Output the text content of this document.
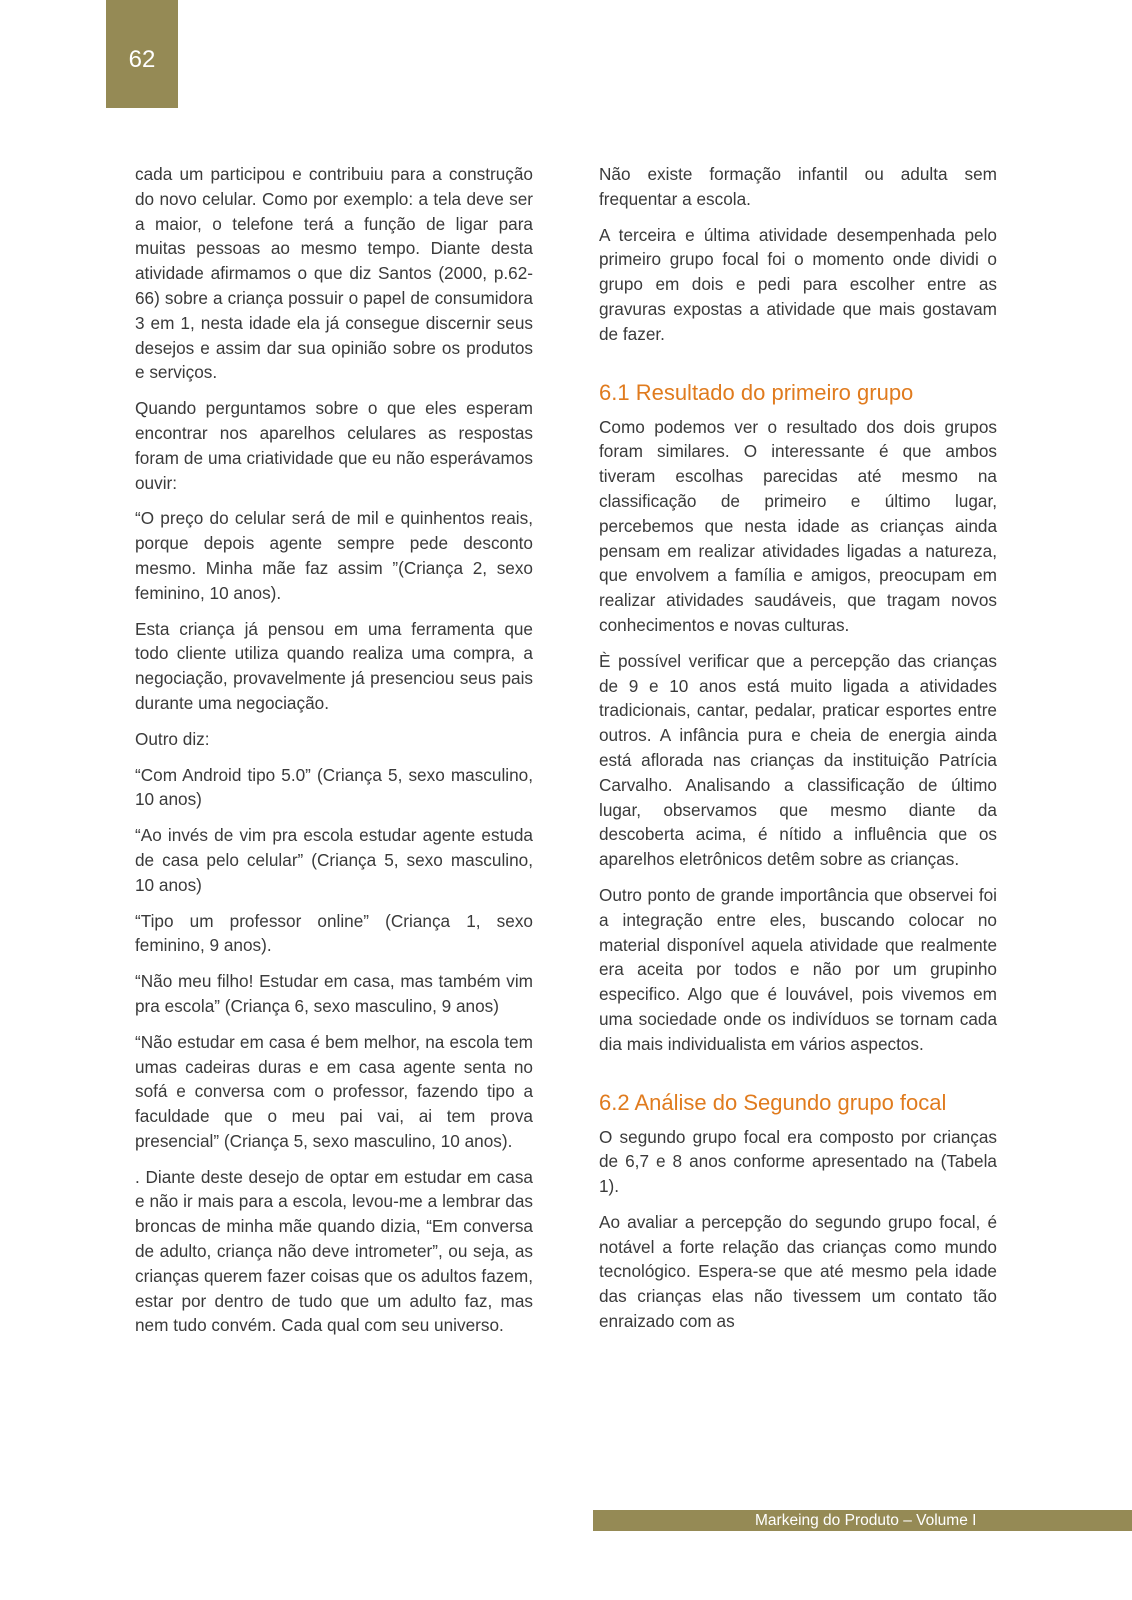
62

cada um participou e contribuiu para a construção do novo celular. Como por exemplo: a tela deve ser a maior, o telefone terá a função de ligar para muitas pessoas ao mesmo tempo. Diante desta atividade afirmamos o que diz Santos (2000, p.62-66) sobre a criança possuir o papel de consumidora 3 em 1, nesta idade ela já consegue discernir seus desejos e assim dar sua opinião sobre os produtos e serviços.

Quando perguntamos sobre o que eles esperam encontrar nos aparelhos celulares as respostas foram de uma criatividade que eu não esperávamos ouvir:

“O preço do celular será de mil e quinhentos reais, porque depois agente sempre pede desconto mesmo. Minha mãe faz assim ”(Criança 2, sexo feminino, 10 anos).

Esta criança já pensou em uma ferramenta que todo cliente utiliza quando realiza uma compra, a negociação, provavelmente já presenciou seus pais durante uma negociação.

Outro diz:

“Com Android tipo 5.0” (Criança 5, sexo masculino, 10 anos)

“Ao invés de vim pra escola estudar agente estuda de casa pelo celular” (Criança 5, sexo masculino, 10 anos)

“Tipo um professor online” (Criança 1, sexo feminino, 9 anos).

“Não meu filho! Estudar em casa, mas também vim pra escola” (Criança 6, sexo masculino, 9 anos)

“Não estudar em casa é bem melhor, na escola tem umas cadeiras duras e em casa agente senta no sofá e conversa com o professor, fazendo tipo a faculdade que o meu pai vai, ai tem prova presencial” (Criança 5, sexo masculino, 10 anos).

. Diante deste desejo de optar em estudar em casa e não ir mais para a escola, levou-me a lembrar das broncas de minha mãe quando dizia, “Em conversa de adulto, criança não deve intrometer”, ou seja, as crianças querem fazer coisas que os adultos fazem, estar por dentro de tudo que um adulto faz, mas nem tudo convém. Cada qual com seu universo.

Não existe formação infantil ou adulta sem frequentar a escola.

A terceira e última atividade desempenhada pelo primeiro grupo focal foi o momento onde dividi o grupo em dois e pedi para escolher entre as gravuras expostas a atividade que mais gostavam de fazer.

6.1 Resultado do primeiro grupo

Como podemos ver o resultado dos dois grupos foram similares. O interessante é que ambos tiveram escolhas parecidas até mesmo na classificação de primeiro e último lugar, percebemos que nesta idade as crianças ainda pensam em realizar atividades ligadas a natureza, que envolvem a família e amigos, preocupam em realizar atividades saudáveis, que tragam novos conhecimentos e novas culturas.

È possível verificar que a percepção das crianças de 9 e 10 anos está muito ligada a atividades tradicionais, cantar, pedalar, praticar esportes entre outros. A infância pura e cheia de energia ainda está aflorada nas crianças da instituição Patrícia Carvalho. Analisando a classificação de último lugar, observamos que mesmo diante da descoberta acima, é nítido a influência que os aparelhos eletrônicos detêm sobre as crianças.

Outro ponto de grande importância que observei foi a integração entre eles, buscando colocar no material disponível aquela atividade que realmente era aceita por todos e não por um grupinho especifico. Algo que é louvável, pois vivemos em uma sociedade onde os indivíduos se tornam cada dia mais individualista em vários aspectos.

6.2 Análise do Segundo grupo focal

O segundo grupo focal era composto por crianças de 6,7 e 8 anos conforme apresentado na (Tabela 1).

Ao avaliar a percepção do segundo grupo focal, é notável a forte relação das crianças como mundo tecnológico. Espera-se que até mesmo pela idade das crianças elas não tivessem um contato tão enraizado com as

Markeing do Produto – Volume I
